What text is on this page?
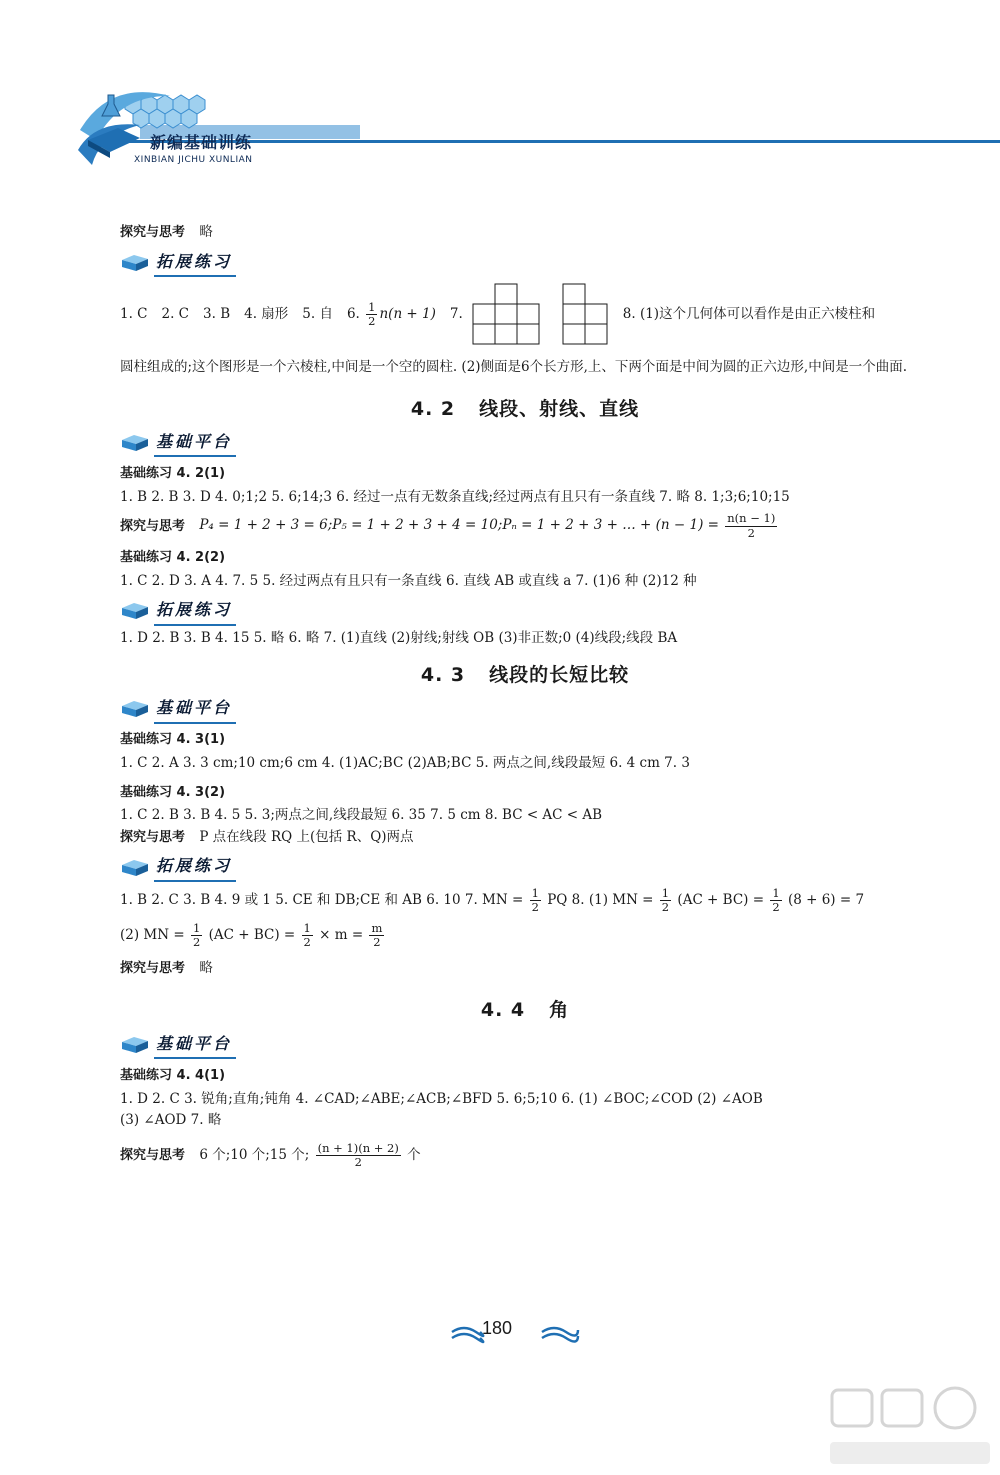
新编基础训练
XINBIAN JICHU XUNLIAN

探究与思考 略

拓展练习
1. C 2. C 3. B 4. 扇形 5. 自 6. $\frac{1}{2} n(n + 1)$ 7.	8. (1)这个几何体可以看作是由正六棱柱和

圆柱组成的;这个图形是一个六棱柱,中间是一个空的圆柱. (2)侧面是6个长方形,上、下两个面是中间为圆的正六边形,中间是一个曲面.

4. 2 线段、射线、直线
基础平台
基础练习 4. 2(1)

1. B 2. B 3. D 4. 0;1;2 5. 6;14;3 6. 经过一点有无数条直线;经过两点有且只有一条直线 7. 略 8. 1;3;6;10;15

探究与思考 P₄ = 1 + 2 + 3 = 6;P₅ = 1 + 2 + 3 + 4 = 10;Pₙ = 1 + 2 + 3 + … + $(n - 1) = \frac{n(n - 1)}{2}$

基础练习 4. 2(2)

1. C 2. D 3. A 4. 7. 5 5. 经过两点有且只有一条直线 6. 直线 AB 或直线 a 7. (1)6 种 (2)12 种

拓展练习

1. D 2. B 3. B 4. 15 5. 略 6. 略 7. (1)直线 (2)射线;射线 OB (3)非正数;0 (4)线段;线段 BA

4. 3 线段的长短比较
基础平台
基础练习 4. 3(1)

1. C 2. A 3. 3 cm;10 cm;6 cm 4. (1)AC;BC (2)AB;BC 5. 两点之间,线段最短 6. 4 cm 7. 3

基础练习 4. 3(2)

1. C 2. B 3. B 4. 5 5. 3;两点之间,线段最短 6. 35 7. 5 cm 8. BC < AC < AB

探究与思考 P 点在线段 RQ 上(包括 R、Q)两点

拓展练习

1. B 2. C 3. B 4. 9 或 1 5. CE 和 DB;CE 和 AB 6. 10 7. MN = $\frac{1}{2}$ PQ 8. (1) MN = $\frac{1}{2} (AC + BC) = \frac{1}{2} (8 + 6) = 7$

(2) MN = $\frac{1}{2} (AC + BC) = \frac{1}{2} \times m = \frac{m}{2}$

探究与思考 略

4. 4 角
基础平台
基础练习 4. 4(1)

1. D 2. C 3. 锐角;直角;钝角 4. ∠CAD;∠ABE;∠ACB;∠BFD 5. 6;5;10 6. (1) ∠BOC;∠COD (2) ∠AOB

(3) ∠AOD 7. 略

探究与思考 6 个;10 个;15 个; $\frac{(n + 1)(n + 2)}{2}$ 个

180
